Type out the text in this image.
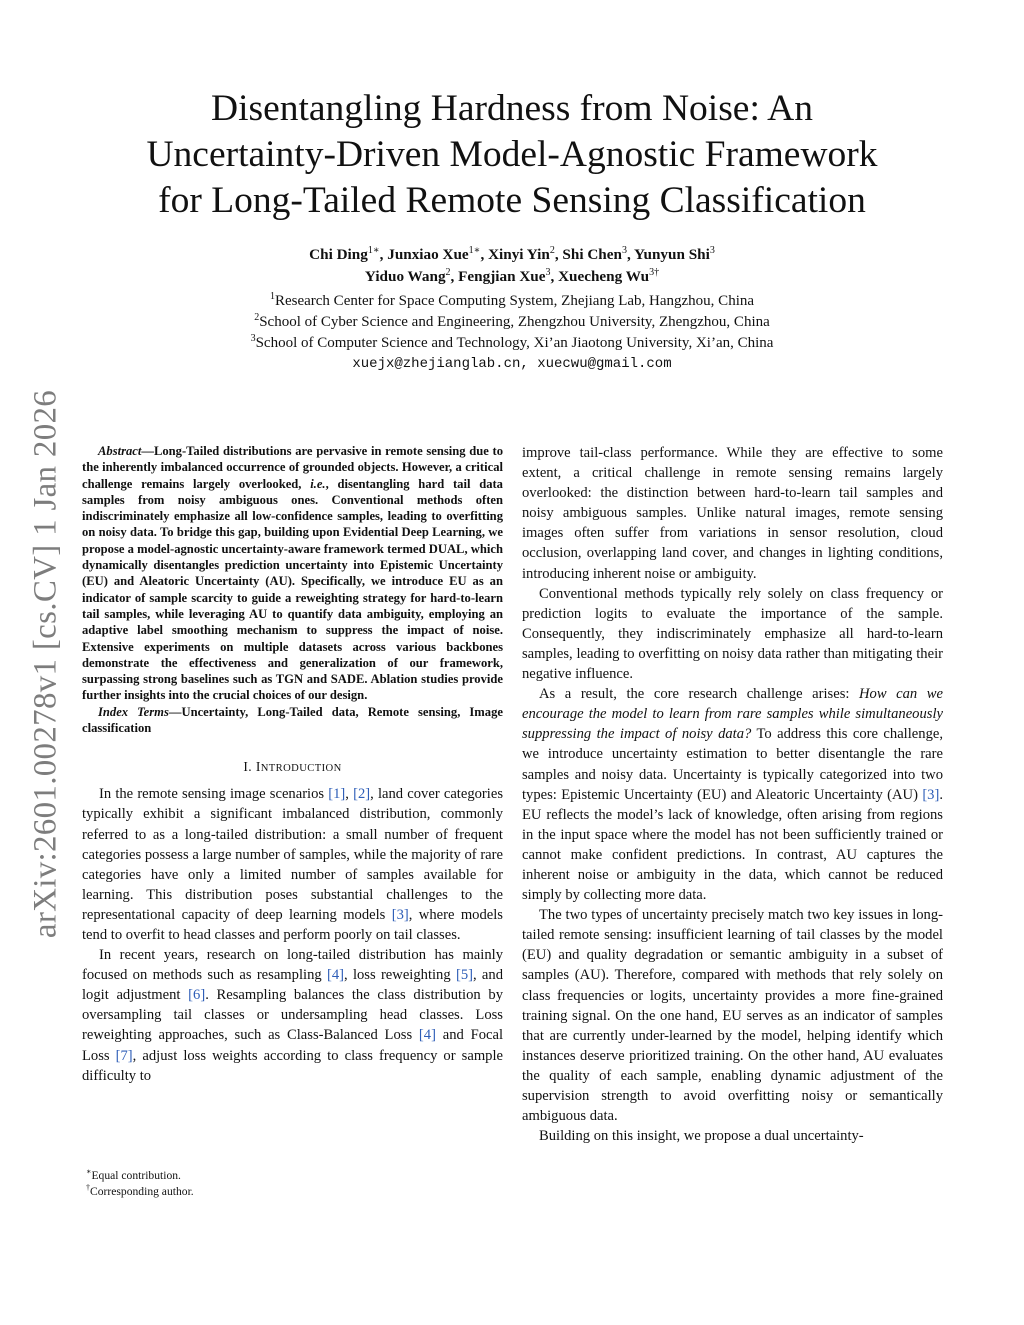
arXiv:2601.00278v1 [cs.CV] 1 Jan 2026
Disentangling Hardness from Noise: An
Uncertainty-Driven Model-Agnostic Framework
for Long-Tailed Remote Sensing Classification
Chi Ding$^{1∗}$, Junxiao Xue$^{1∗}$, Xinyi Yin$^2$, Shi Chen$^3$, Yunyun Shi$^3$
Yiduo Wang$^2$, Fengjian Xue$^3$, Xuecheng $Wu^{3\dagger}$
$^1$Research Center for Space Computing System, Zhejiang Lab, Hangzhou, China
$^2$School of Cyber Science and Engineering, Zhengzhou University, Zhengzhou, China
$^3$School of Computer Science and Technology, Xi’an Jiaotong University, Xi’an, China
xuejx@zhejianglab.cn, xuecwu@gmail.com

Abstract—Long-Tailed distributions are pervasive in remote sensing due to the inherently imbalanced occurrence of grounded objects. However, a critical challenge remains largely overlooked, i.e., disentangling hard tail data samples from noisy ambiguous ones. Conventional methods often indiscriminately emphasize all low-confidence samples, leading to overfitting on noisy data. To bridge this gap, building upon Evidential Deep Learning, we propose a model-agnostic uncertainty-aware framework termed DUAL, which dynamically disentangles prediction uncertainty into Epistemic Uncertainty (EU) and Aleatoric Uncertainty (AU). Specifically, we introduce EU as an indicator of sample scarcity to guide a reweighting strategy for hard-to-learn tail samples, while leveraging AU to quantify data ambiguity, employing an adaptive label smoothing mechanism to suppress the impact of noise. Extensive experiments on multiple datasets across various backbones demonstrate the effectiveness and generalization of our framework, surpassing strong baselines such as TGN and SADE. Ablation studies provide further insights into the crucial choices of our design.

Index Terms—Uncertainty, Long-Tailed data, Remote sensing, Image classification

I. INTRODUCTION

In the remote sensing image scenarios [1], [2], land cover categories typically exhibit a significant imbalanced distribution, commonly referred to as a long-tailed distribution: a small number of frequent categories possess a large number of samples, while the majority of rare categories have only a limited number of samples available for learning. This distribution poses substantial challenges to the representational capacity of deep learning models [3], where models tend to overfit to head classes and perform poorly on tail classes.

In recent years, research on long-tailed distribution has mainly focused on methods such as resampling [4], loss reweighting [5], and logit adjustment [6]. Resampling balances the class distribution by oversampling tail classes or undersampling head classes. Loss reweighting approaches, such as Class-Balanced Loss [4] and Focal Loss [7], adjust loss weights according to class frequency or sample difficulty to

∗Equal contribution.
†Corresponding author.

improve tail-class performance. While they are effective to some extent, a critical challenge in remote sensing remains largely overlooked: the distinction between hard-to-learn tail samples and noisy ambiguous samples. Unlike natural images, remote sensing images often suffer from variations in sensor resolution, cloud occlusion, overlapping land cover, and changes in lighting conditions, introducing inherent noise or ambiguity.

Conventional methods typically rely solely on class frequency or prediction logits to evaluate the importance of the sample. Consequently, they indiscriminately emphasize all hard-to-learn samples, leading to overfitting on noisy data rather than mitigating their negative influence.

As a result, the core research challenge arises: How can we encourage the model to learn from rare samples while simultaneously suppressing the impact of noisy data? To address this core challenge, we introduce uncertainty estimation to better disentangle the rare samples and noisy data. Uncertainty is typically categorized into two types: Epistemic Uncertainty (EU) and Aleatoric Uncertainty (AU) [3]. EU reflects the model’s lack of knowledge, often arising from regions in the input space where the model has not been sufficiently trained or cannot make confident predictions. In contrast, AU captures the inherent noise or ambiguity in the data, which cannot be reduced simply by collecting more data.

The two types of uncertainty precisely match two key issues in long-tailed remote sensing: insufficient learning of tail classes by the model (EU) and quality degradation or semantic ambiguity in a subset of samples (AU). Therefore, compared with methods that rely solely on class frequencies or logits, uncertainty provides a more fine-grained training signal. On the one hand, EU serves as an indicator of samples that are currently under-learned by the model, helping identify which instances deserve prioritized training. On the other hand, AU evaluates the quality of each sample, enabling dynamic adjustment of the supervision strength to avoid overfitting noisy or semantically ambiguous data.

Building on this insight, we propose a dual uncertainty-
